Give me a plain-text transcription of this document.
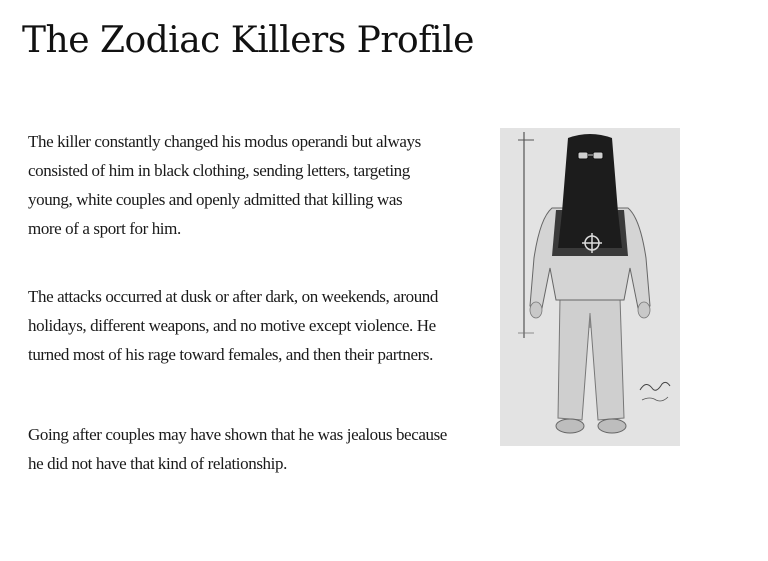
The Zodiac Killers Profile

The killer constantly changed his modus operandi but always consisted of him in black clothing, sending letters, targeting young, white couples and openly admitted that killing was more of a sport for him.

The attacks occurred at dusk or after dark, on weekends, around holidays, different weapons, and no motive except violence. He turned most of his rage toward females, and then their partners.

Going after couples may have shown that he was jealous because he did not have that kind of relationship.
